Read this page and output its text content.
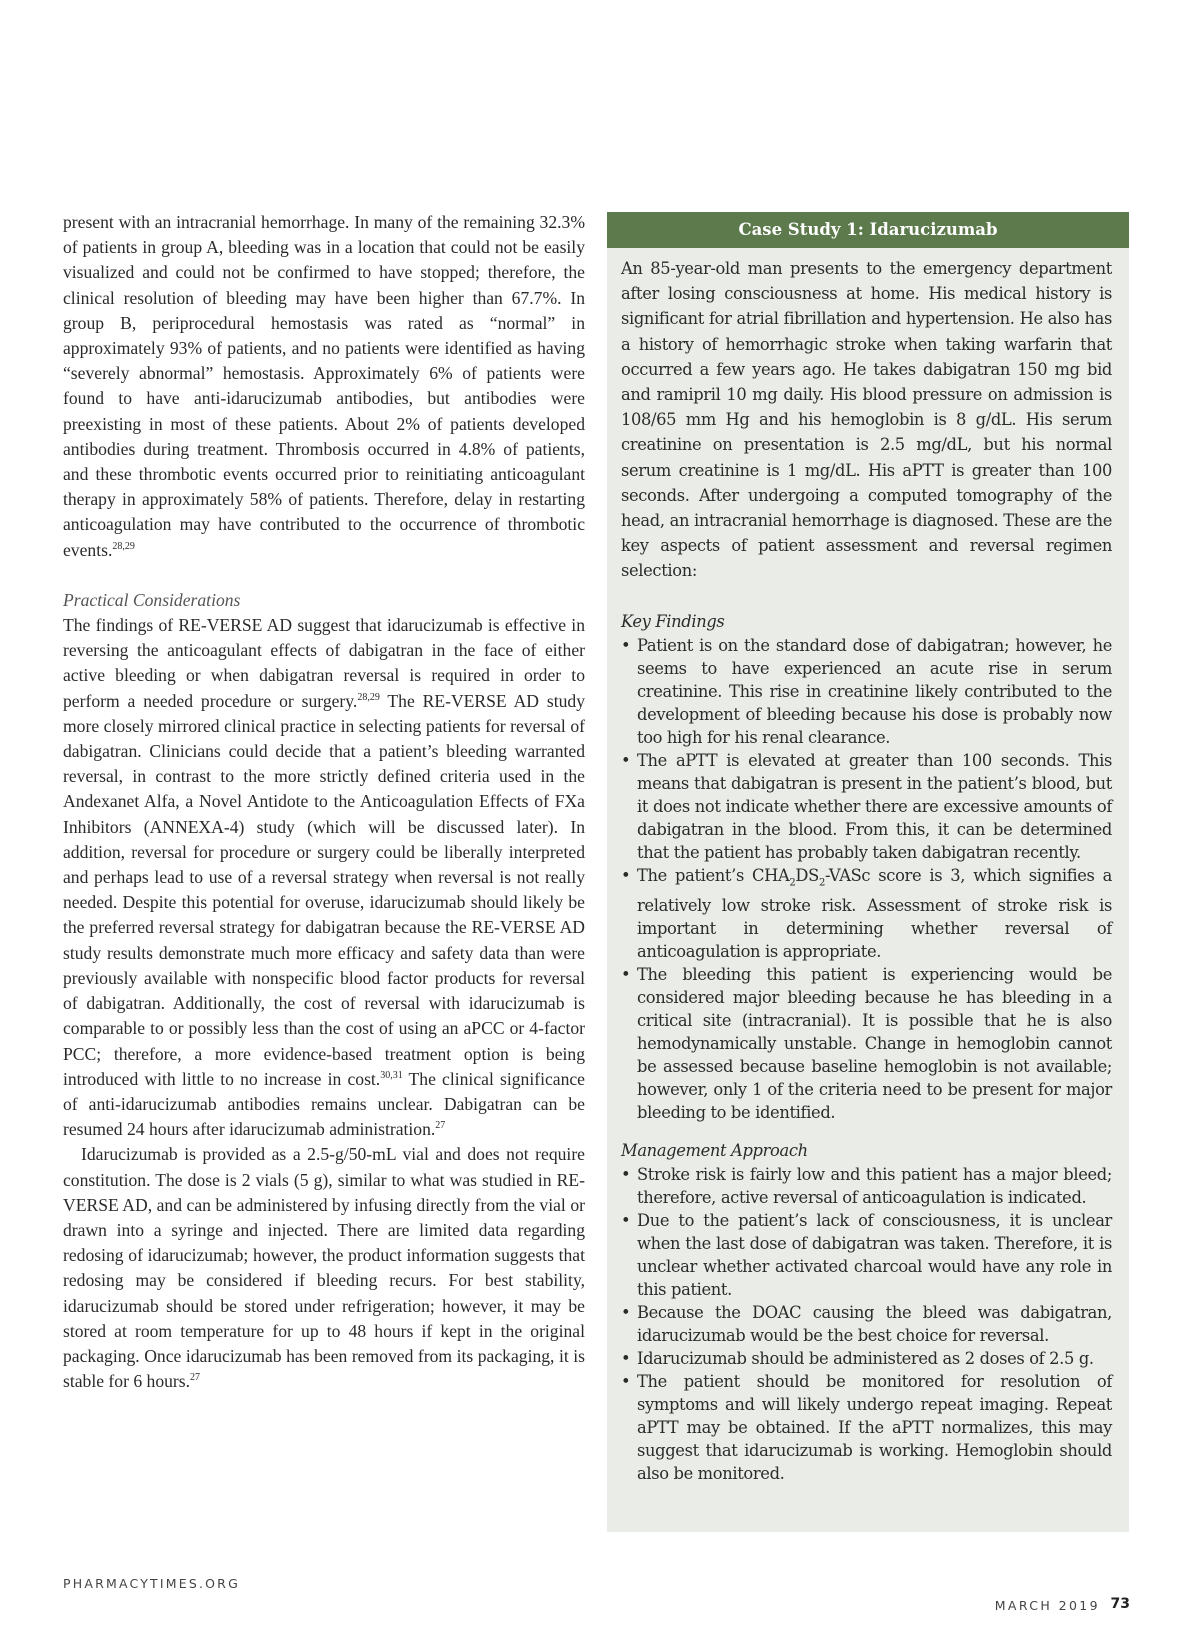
present with an intracranial hemorrhage. In many of the remaining 32.3% of patients in group A, bleeding was in a location that could not be easily visualized and could not be confirmed to have stopped; therefore, the clinical resolution of bleeding may have been higher than 67.7%. In group B, periprocedural hemostasis was rated as “normal” in approximately 93% of patients, and no patients were identified as having “severely abnormal” hemostasis. Approximately 6% of patients were found to have anti-idarucizumab antibodies, but antibodies were preexisting in most of these patients. About 2% of patients developed antibodies during treatment. Thrombosis occurred in 4.8% of patients, and these thrombotic events occurred prior to reinitiating anticoagulant therapy in approximately 58% of patients. Therefore, delay in restarting anticoagulation may have contributed to the occurrence of thrombotic events.$^{28,29}$

Practical Considerations

The findings of RE-VERSE AD suggest that idarucizumab is effective in reversing the anticoagulant effects of dabigatran in the face of either active bleeding or when dabigatran reversal is required in order to perform a needed procedure or surgery.$^{28,29}$ The RE-VERSE AD study more closely mirrored clinical practice in selecting patients for reversal of dabigatran. Clinicians could decide that a patient’s bleeding warranted reversal, in contrast to the more strictly defined criteria used in the Andexanet Alfa, a Novel Antidote to the Anticoagulation Effects of FXa Inhibitors (ANNEXA-4) study (which will be discussed later). In addition, reversal for procedure or surgery could be liberally interpreted and perhaps lead to use of a reversal strategy when reversal is not really needed. Despite this potential for overuse, idarucizumab should likely be the preferred reversal strategy for dabigatran because the RE-VERSE AD study results demonstrate much more efficacy and safety data than were previously available with nonspecific blood factor products for reversal of dabigatran. Additionally, the cost of reversal with idarucizumab is comparable to or possibly less than the cost of using an aPCC or 4-factor PCC; therefore, a more evidence-based treatment option is being introduced with little to no increase in cost.$^{30,31}$ The clinical significance of anti-idarucizumab antibodies remains unclear. Dabigatran can be resumed 24 hours after idarucizumab administration.$^{27}$

Idarucizumab is provided as a 2.5-g/50-mL vial and does not require constitution. The dose is 2 vials (5 g), similar to what was studied in RE-VERSE AD, and can be administered by infusing directly from the vial or drawn into a syringe and injected. There are limited data regarding redosing of idarucizumab; however, the product information suggests that redosing may be considered if bleeding recurs. For best stability, idarucizumab should be stored under refrigeration; however, it may be stored at room temperature for up to 48 hours if kept in the original packaging. Once idarucizumab has been removed from its packaging, it is stable for 6 hours.$^{27}$

Case Study 1: Idarucizumab

An 85-year-old man presents to the emergency department after losing consciousness at home. His medical history is significant for atrial fibrillation and hypertension. He also has a history of hemorrhagic stroke when taking warfarin that occurred a few years ago. He takes dabigatran 150 mg bid and ramipril 10 mg daily. His blood pressure on admission is 108/65 mm Hg and his hemoglobin is 8 g/dL. His serum creatinine on presentation is 2.5 mg/dL, but his normal serum creatinine is 1 mg/dL. His aPTT is greater than 100 seconds. After undergoing a computed tomography of the head, an intracranial hemorrhage is diagnosed. These are the key aspects of patient assessment and reversal regimen selection:

Key Findings
• Patient is on the standard dose of dabigatran; however, he seems to have experienced an acute rise in serum creatinine. This rise in creatinine likely contributed to the development of bleeding because his dose is probably now too high for his renal clearance.
• The aPTT is elevated at greater than 100 seconds. This means that dabigatran is present in the patient’s blood, but it does not indicate whether there are excessive amounts of dabigatran in the blood. From this, it can be determined that the patient has probably taken dabigatran recently.
• The patient’s $CHA_2DS_2$-VASc score is 3, which signifies a relatively low stroke risk. Assessment of stroke risk is important in determining whether reversal of anticoagulation is appropriate.
• The bleeding this patient is experiencing would be considered major bleeding because he has bleeding in a critical site (intracranial). It is possible that he is also hemodynamically unstable. Change in hemoglobin cannot be assessed because baseline hemoglobin is not available; however, only 1 of the criteria need to be present for major bleeding to be identified.
Management Approach
• Stroke risk is fairly low and this patient has a major bleed; therefore, active reversal of anticoagulation is indicated.
• Due to the patient’s lack of consciousness, it is unclear when the last dose of dabigatran was taken. Therefore, it is unclear whether activated charcoal would have any role in this patient.
• Because the DOAC causing the bleed was dabigatran, idarucizumab would be the best choice for reversal.
• Idarucizumab should be administered as 2 doses of 2.5 g.
• The patient should be monitored for resolution of symptoms and will likely undergo repeat imaging. Repeat aPTT may be obtained. If the aPTT normalizes, this may suggest that idarucizumab is working. Hemoglobin should also be monitored.
PHARMACYTIMES.ORG
MARCH 2019 73
